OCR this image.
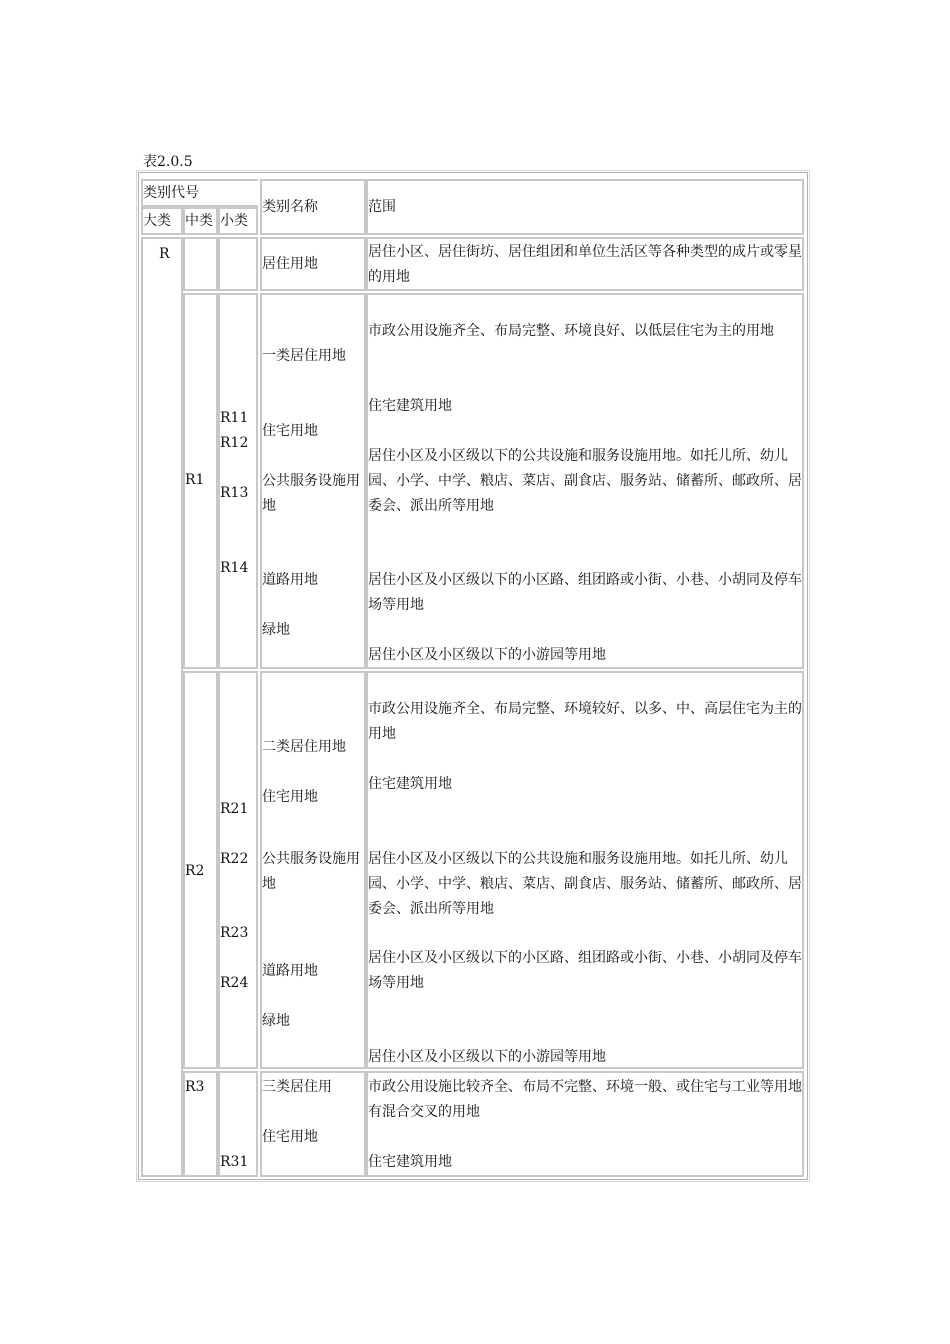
表2.0.5
类别代号
大类 中类 小类
类别名称	范围
R
居住用地
居住小区、居住街坊、居住组团和单位生活区等各种类型的成片或零星的用地
R1
R11
R12
R13
R14
一类居住用地
住宅用地
公共服务设施用地
道路用地
绿地
市政公用设施齐全、布局完整、环境良好、以低层住宅为主的用地
住宅建筑用地
居住小区及小区级以下的公共设施和服务设施用地。如托儿所、幼儿园、小学、中学、粮店、菜店、副食店、服务站、储蓄所、邮政所、居委会、派出所等用地
居住小区及小区级以下的小区路、组团路或小街、小巷、小胡同及停车场等用地
居住小区及小区级以下的小游园等用地
R2
R21
R22
R23
R24
二类居住用地
住宅用地
公共服务设施用地
道路用地
绿地
市政公用设施齐全、布局完整、环境较好、以多、中、高层住宅为主的用地
住宅建筑用地
居住小区及小区级以下的公共设施和服务设施用地。如托儿所、幼儿园、小学、中学、粮店、菜店、副食店、服务站、储蓄所、邮政所、居委会、派出所等用地
居住小区及小区级以下的小区路、组团路或小街、小巷、小胡同及停车场等用地
居住小区及小区级以下的小游园等用地
R3
R31
三类居住用
住宅用地
市政公用设施比较齐全、布局不完整、环境一般、或住宅与工业等用地有混合交叉的用地
住宅建筑用地
